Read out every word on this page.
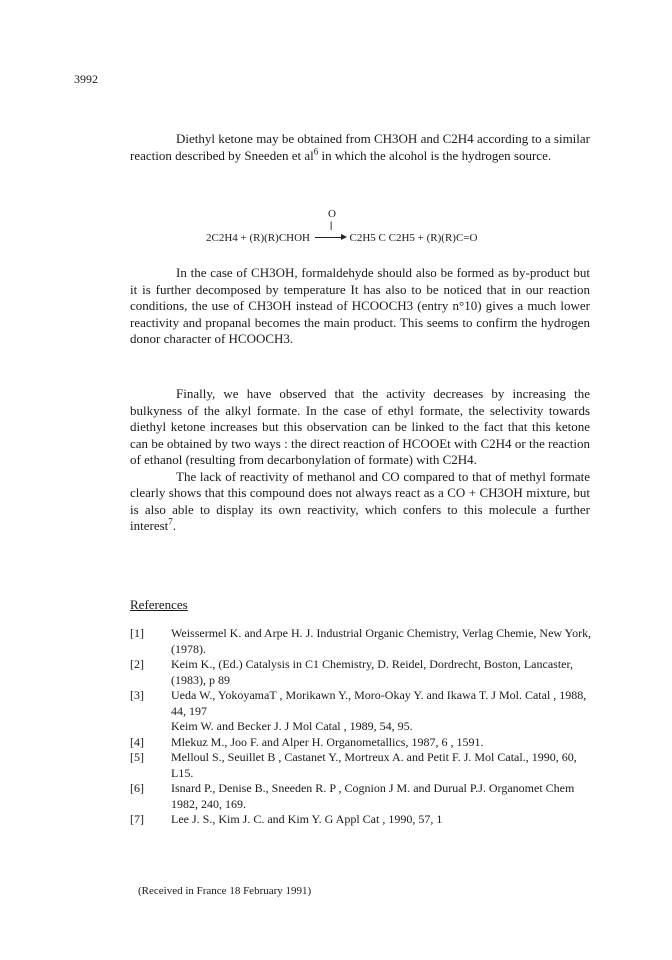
3992

Diethyl ketone may be obtained from CH3OH and C2H4 according to a similar reaction described by Sneeden et $al^6$ in which the alcohol is the hydrogen source.

O
||
2C2H4 + (R)(R)CHOH → C2H5 C C2H5 + (R)(R)C=O

In the case of CH3OH, formaldehyde should also be formed as by-product but it is further decomposed by temperature It has also to be noticed that in our reaction conditions, the use of CH3OH instead of HCOOCH3 (entry n°10) gives a much lower reactivity and propanal becomes the main product. This seems to confirm the hydrogen donor character of HCOOCH3.

Finally, we have observed that the activity decreases by increasing the bulkyness of the alkyl formate. In the case of ethyl formate, the selectivity towards diethyl ketone increases but this observation can be linked to the fact that this ketone can be obtained by two ways : the direct reaction of HCOOEt with C2H4 or the reaction of ethanol (resulting from decarbonylation of formate) with C2H4.

The lack of reactivity of methanol and CO compared to that of methyl formate clearly shows that this compound does not always react as a CO + CH3OH mixture, but is also able to display its own reactivity, which confers to this molecule a further interest$^7$.

References
[1]	Weissermel K. and Arpe H. J. Industrial Organic Chemistry, Verlag Chemie, New York, (1978).
[2]	Keim K., (Ed.) Catalysis in C1 Chemistry, D. Reidel, Dordrecht, Boston, Lancaster, (1983), p 89
[3]	Ueda W., YokoyamaT , Morikawn Y., Moro-Okay Y. and Ikawa T. J Mol. Catal , 1988, 44, 197
Keim W. and Becker J. J Mol Catal , 1989, 54, 95.
[4]	Mlekuz M., Joo F. and Alper H. Organometallics, 1987, 6 , 1591.
[5]	Melloul S., Seuillet B , Castanet Y., Mortreux A. and Petit F. J. Mol Catal., 1990, 60, L15.
[6]	Isnard P., Denise B., Sneeden R. P , Cognion J M. and Durual P.J. Organomet Chem 1982, 240, 169.
[7]	Lee J. S., Kim J. C. and Kim Y. G Appl Cat , 1990, 57, 1
(Received in France 18 February 1991)
